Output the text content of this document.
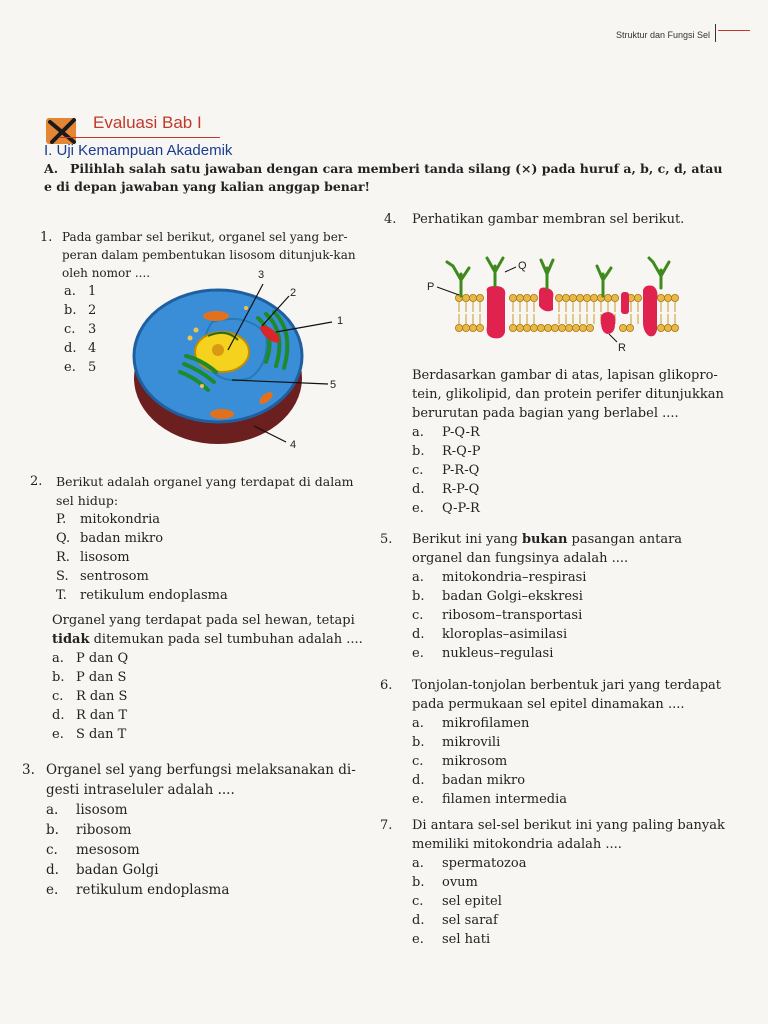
Struktur dan Fungsi Sel
Evaluasi Bab I
I. Uji Kemampuan Akademik
A. Pilihlah salah satu jawaban dengan cara memberi tanda silang (×) pada huruf a, b, c, d, atau e di depan jawaban yang kalian anggap benar!
1. Pada gambar sel berikut, organel sel yang ber-peran dalam pembentukan lisosom ditunjuk-kan oleh nomor ....
a. 1
b. 2
c. 3
d. 4
e. 5
3
2
1
5
4
2. Berikut adalah organel yang terdapat di dalam sel hidup:
P.	mitokondria
Q. badan mikro
R. lisosom
S. sentrosom
T.	retikulum endoplasma
Organel yang terdapat pada sel hewan, tetapi tidak ditemukan pada sel tumbuhan adalah ....
a. P dan Q
b. P dan S
c. R dan S
d. R dan T
e. S dan T
3. Organel sel yang berfungsi melaksanakan di-gesti intraseluler adalah ....
a.	lisosom
b.	ribosom
c.	mesosom
d.	badan Golgi
e.	retikulum endoplasma
4. Perhatikan gambar membran sel berikut.
P
Q
R
Berdasarkan gambar di atas, lapisan glikopro-tein, glikolipid, dan protein perifer ditunjukkan berurutan pada bagian yang berlabel ....
a.	P-Q-R
b.	R-Q-P
c.	P-R-Q
d.	R-P-Q
e.	Q-P-R
5. Berikut ini yang bukan pasangan antara organel dan fungsinya adalah ....
a.	mitokondria–respirasi
b.	badan Golgi–ekskresi
c.	ribosom–transportasi
d.	kloroplas–asimilasi
e.	nukleus–regulasi
6. Tonjolan-tonjolan berbentuk jari yang terdapat pada permukaan sel epitel dinamakan ....
a.	mikrofilamen
b.	mikrovili
c.	mikrosom
d.	badan mikro
e.	filamen intermedia
7. Di antara sel-sel berikut ini yang paling banyak memiliki mitokondria adalah ....
a.	spermatozoa
b.	ovum
c.	sel epitel
d.	sel saraf
e.	sel hati
